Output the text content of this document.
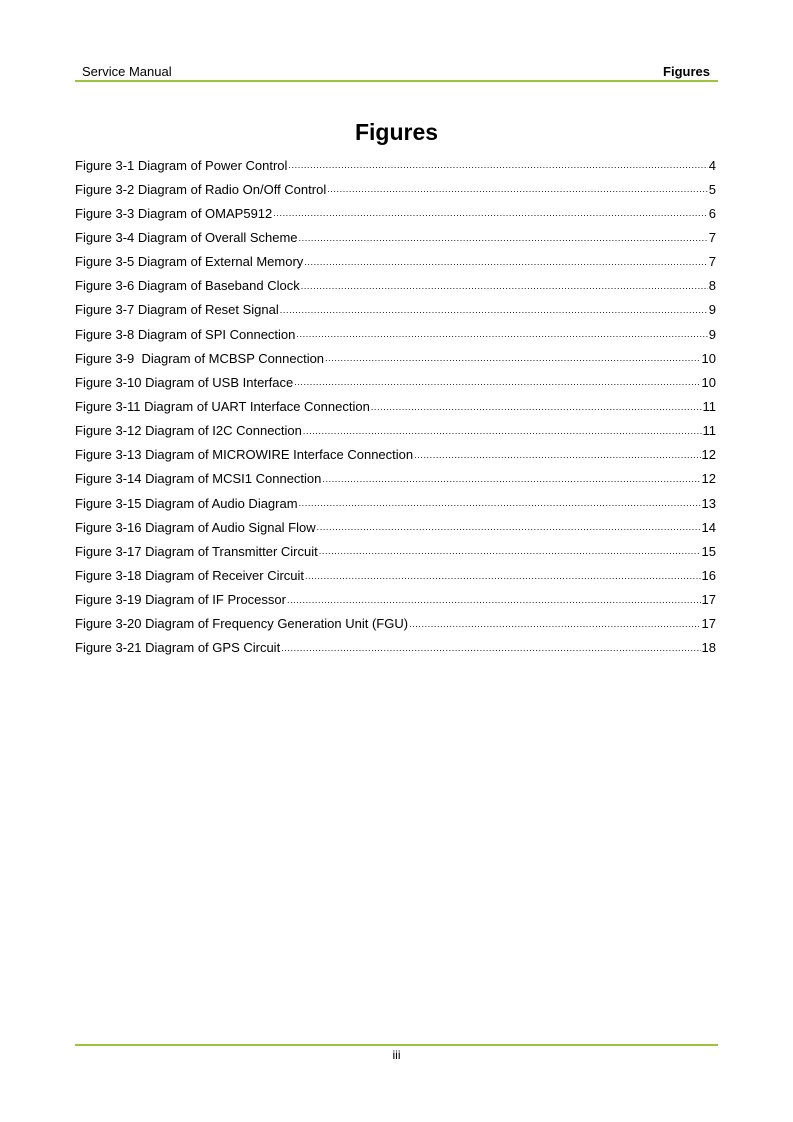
Service Manual	Figures
Figures
Figure 3-1 Diagram of Power Control .....	4
Figure 3-2 Diagram of Radio On/Off Control .....	5
Figure 3-3 Diagram of OMAP5912 .....	6
Figure 3-4 Diagram of Overall Scheme .....	7
Figure 3-5 Diagram of External Memory .....	7
Figure 3-6 Diagram of Baseband Clock .....	8
Figure 3-7 Diagram of Reset Signal .....	9
Figure 3-8 Diagram of SPI Connection .....	9
Figure 3-9  Diagram of MCBSP Connection .....	10
Figure 3-10 Diagram of USB Interface .....	10
Figure 3-11 Diagram of UART Interface Connection .....	11
Figure 3-12 Diagram of I2C Connection .....	11
Figure 3-13 Diagram of MICROWIRE Interface Connection .....	12
Figure 3-14 Diagram of MCSI1 Connection .....	12
Figure 3-15 Diagram of Audio Diagram .....	13
Figure 3-16 Diagram of Audio Signal Flow .....	14
Figure 3-17 Diagram of Transmitter Circuit .....	15
Figure 3-18 Diagram of Receiver Circuit .....	16
Figure 3-19 Diagram of IF Processor .....	17
Figure 3-20 Diagram of Frequency Generation Unit (FGU) .....	17
Figure 3-21 Diagram of GPS Circuit .....	18
iii
